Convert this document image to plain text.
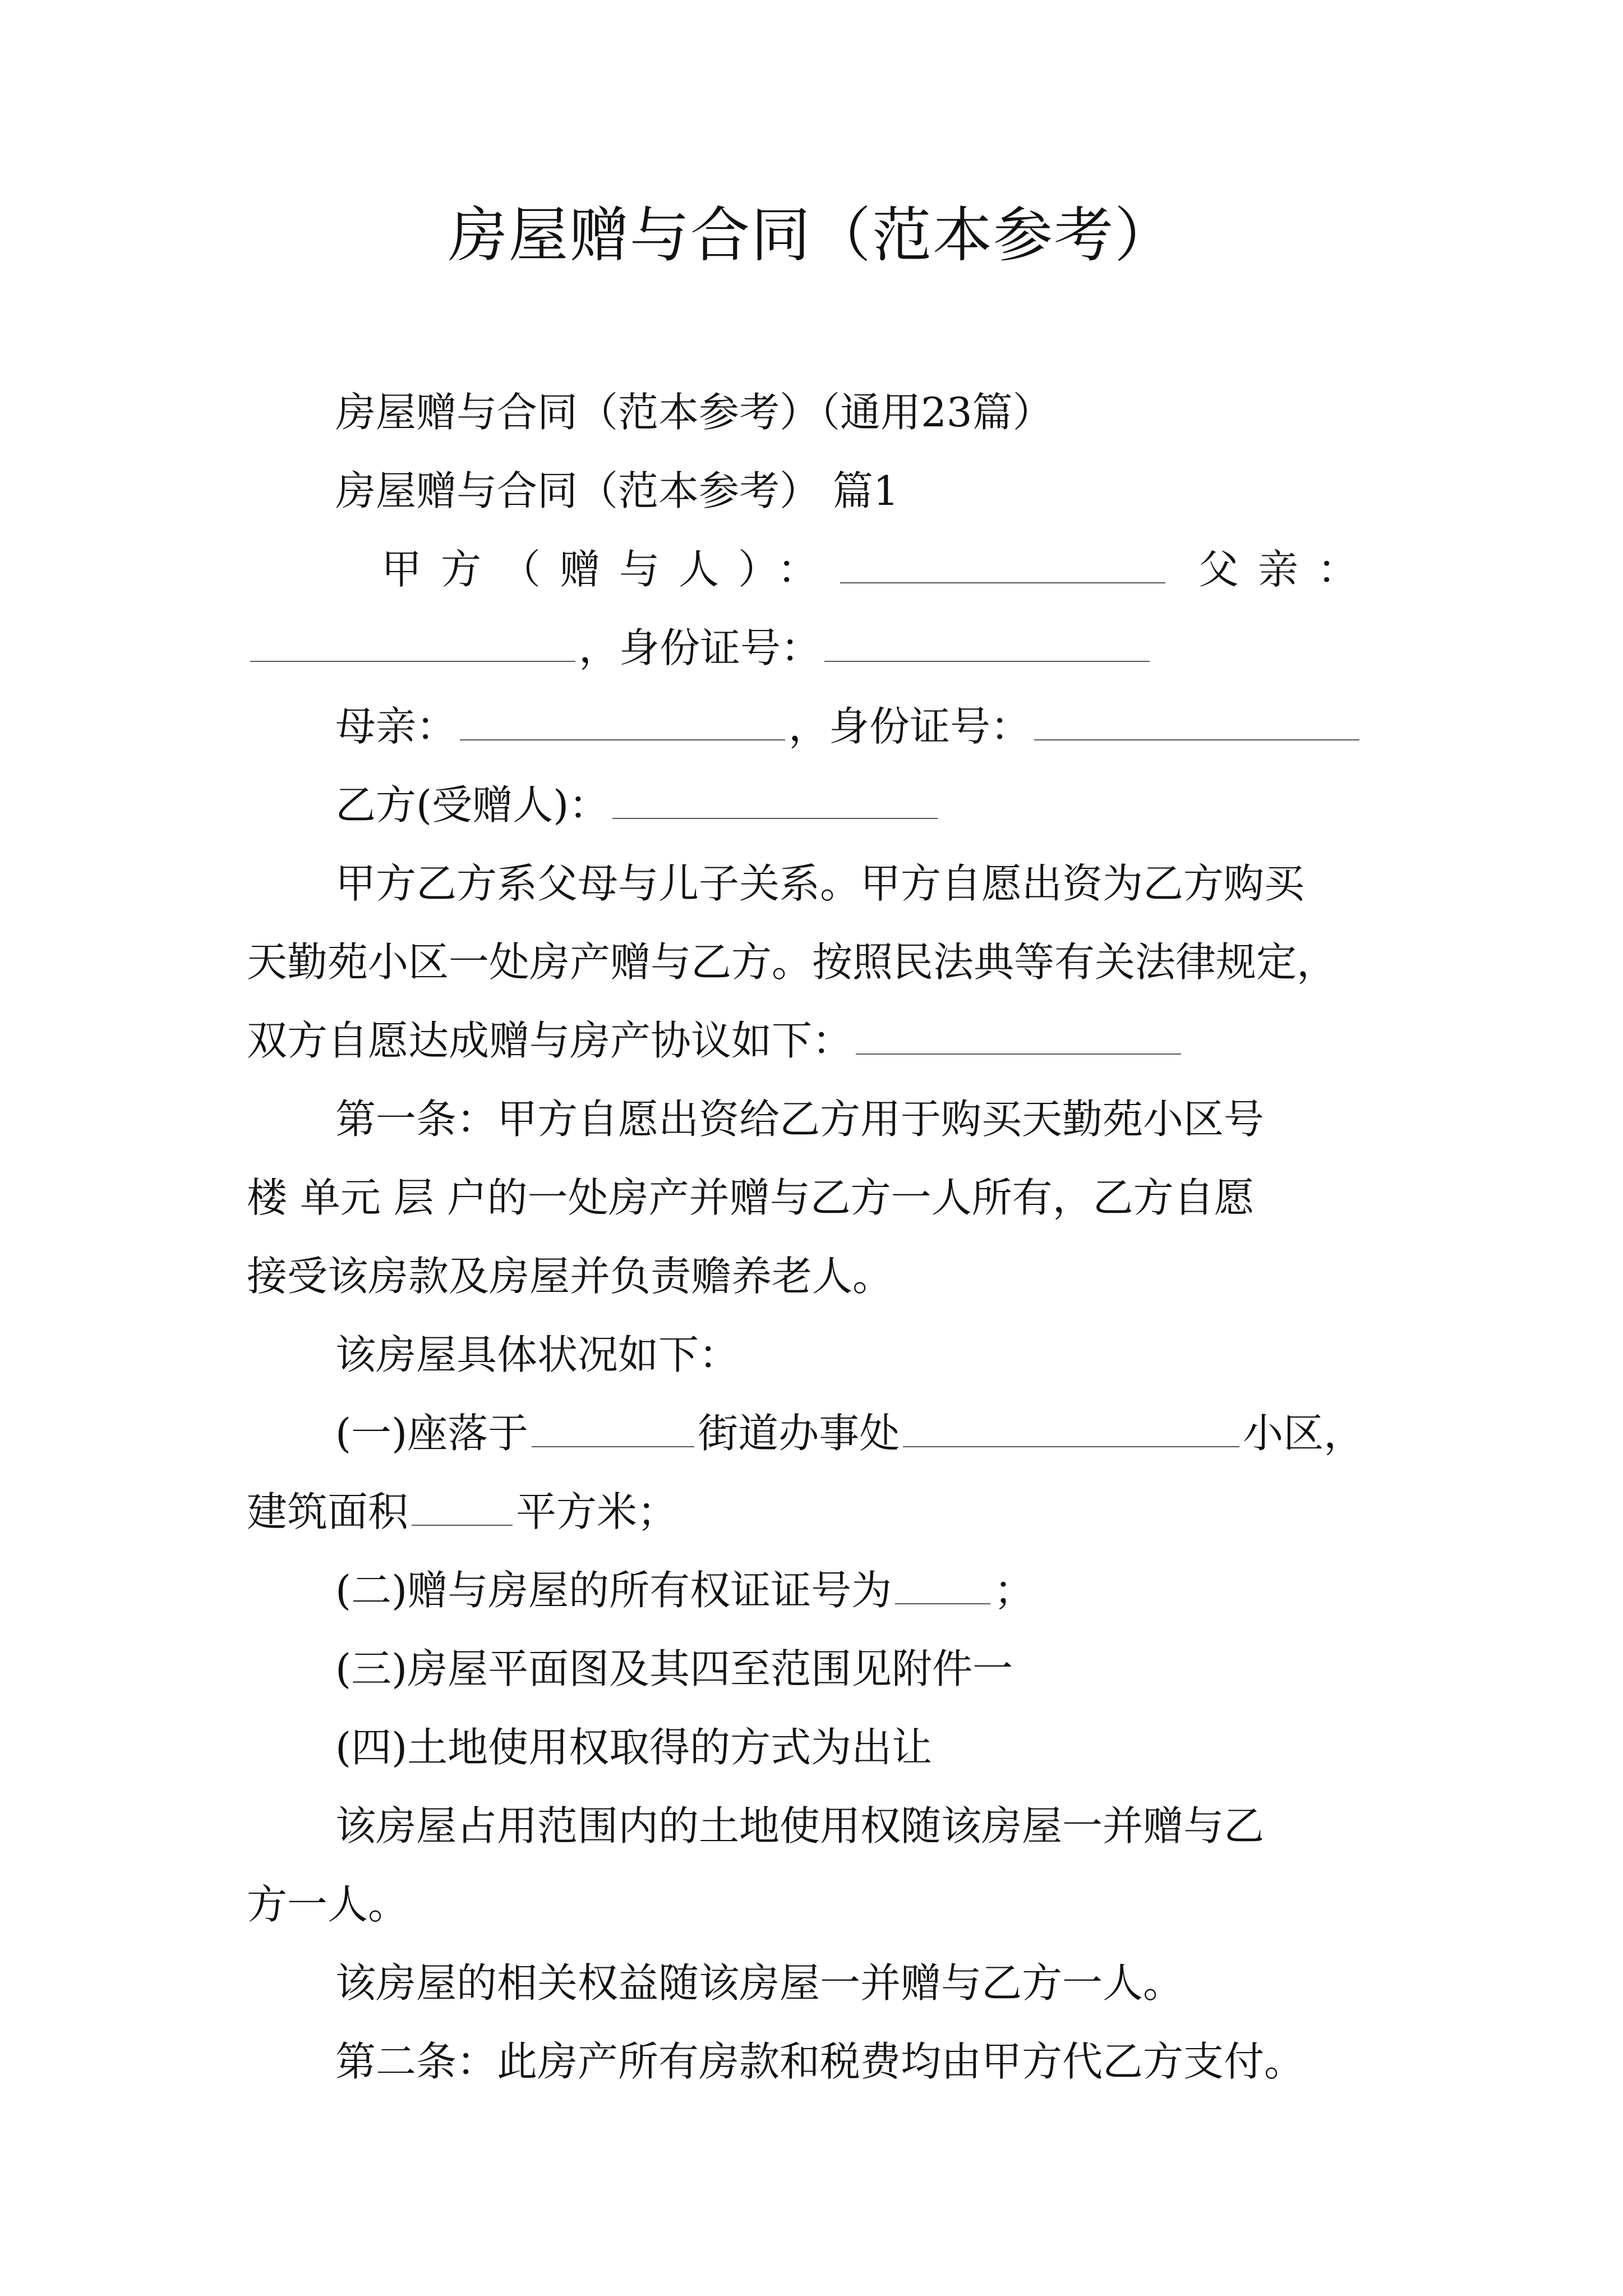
房屋赠与合同（范本参考）

房屋赠与合同（范本参考）（通用23篇）

房屋赠与合同（范本参考） 篇1

甲方（赠与人）：	父亲：

，身份证号：

母亲：	，身份证号：

乙方(受赠人)：

甲方乙方系父母与儿子关系。甲方自愿出资为乙方购买

天勤苑小区一处房产赠与乙方。按照民法典等有关法律规定，

双方自愿达成赠与房产协议如下：

第一条：甲方自愿出资给乙方用于购买天勤苑小区号

楼 单元 层 户的一处房产并赠与乙方一人所有，乙方自愿

接受该房款及房屋并负责赡养老人。

该房屋具体状况如下：

(一)座落于	街道办事处	小区，

建筑面积	平方米；

(二)赠与房屋的所有权证证号为	；

(三)房屋平面图及其四至范围见附件一

(四)土地使用权取得的方式为出让

该房屋占用范围内的土地使用权随该房屋一并赠与乙

方一人。

该房屋的相关权益随该房屋一并赠与乙方一人。

第二条：此房产所有房款和税费均由甲方代乙方支付。
